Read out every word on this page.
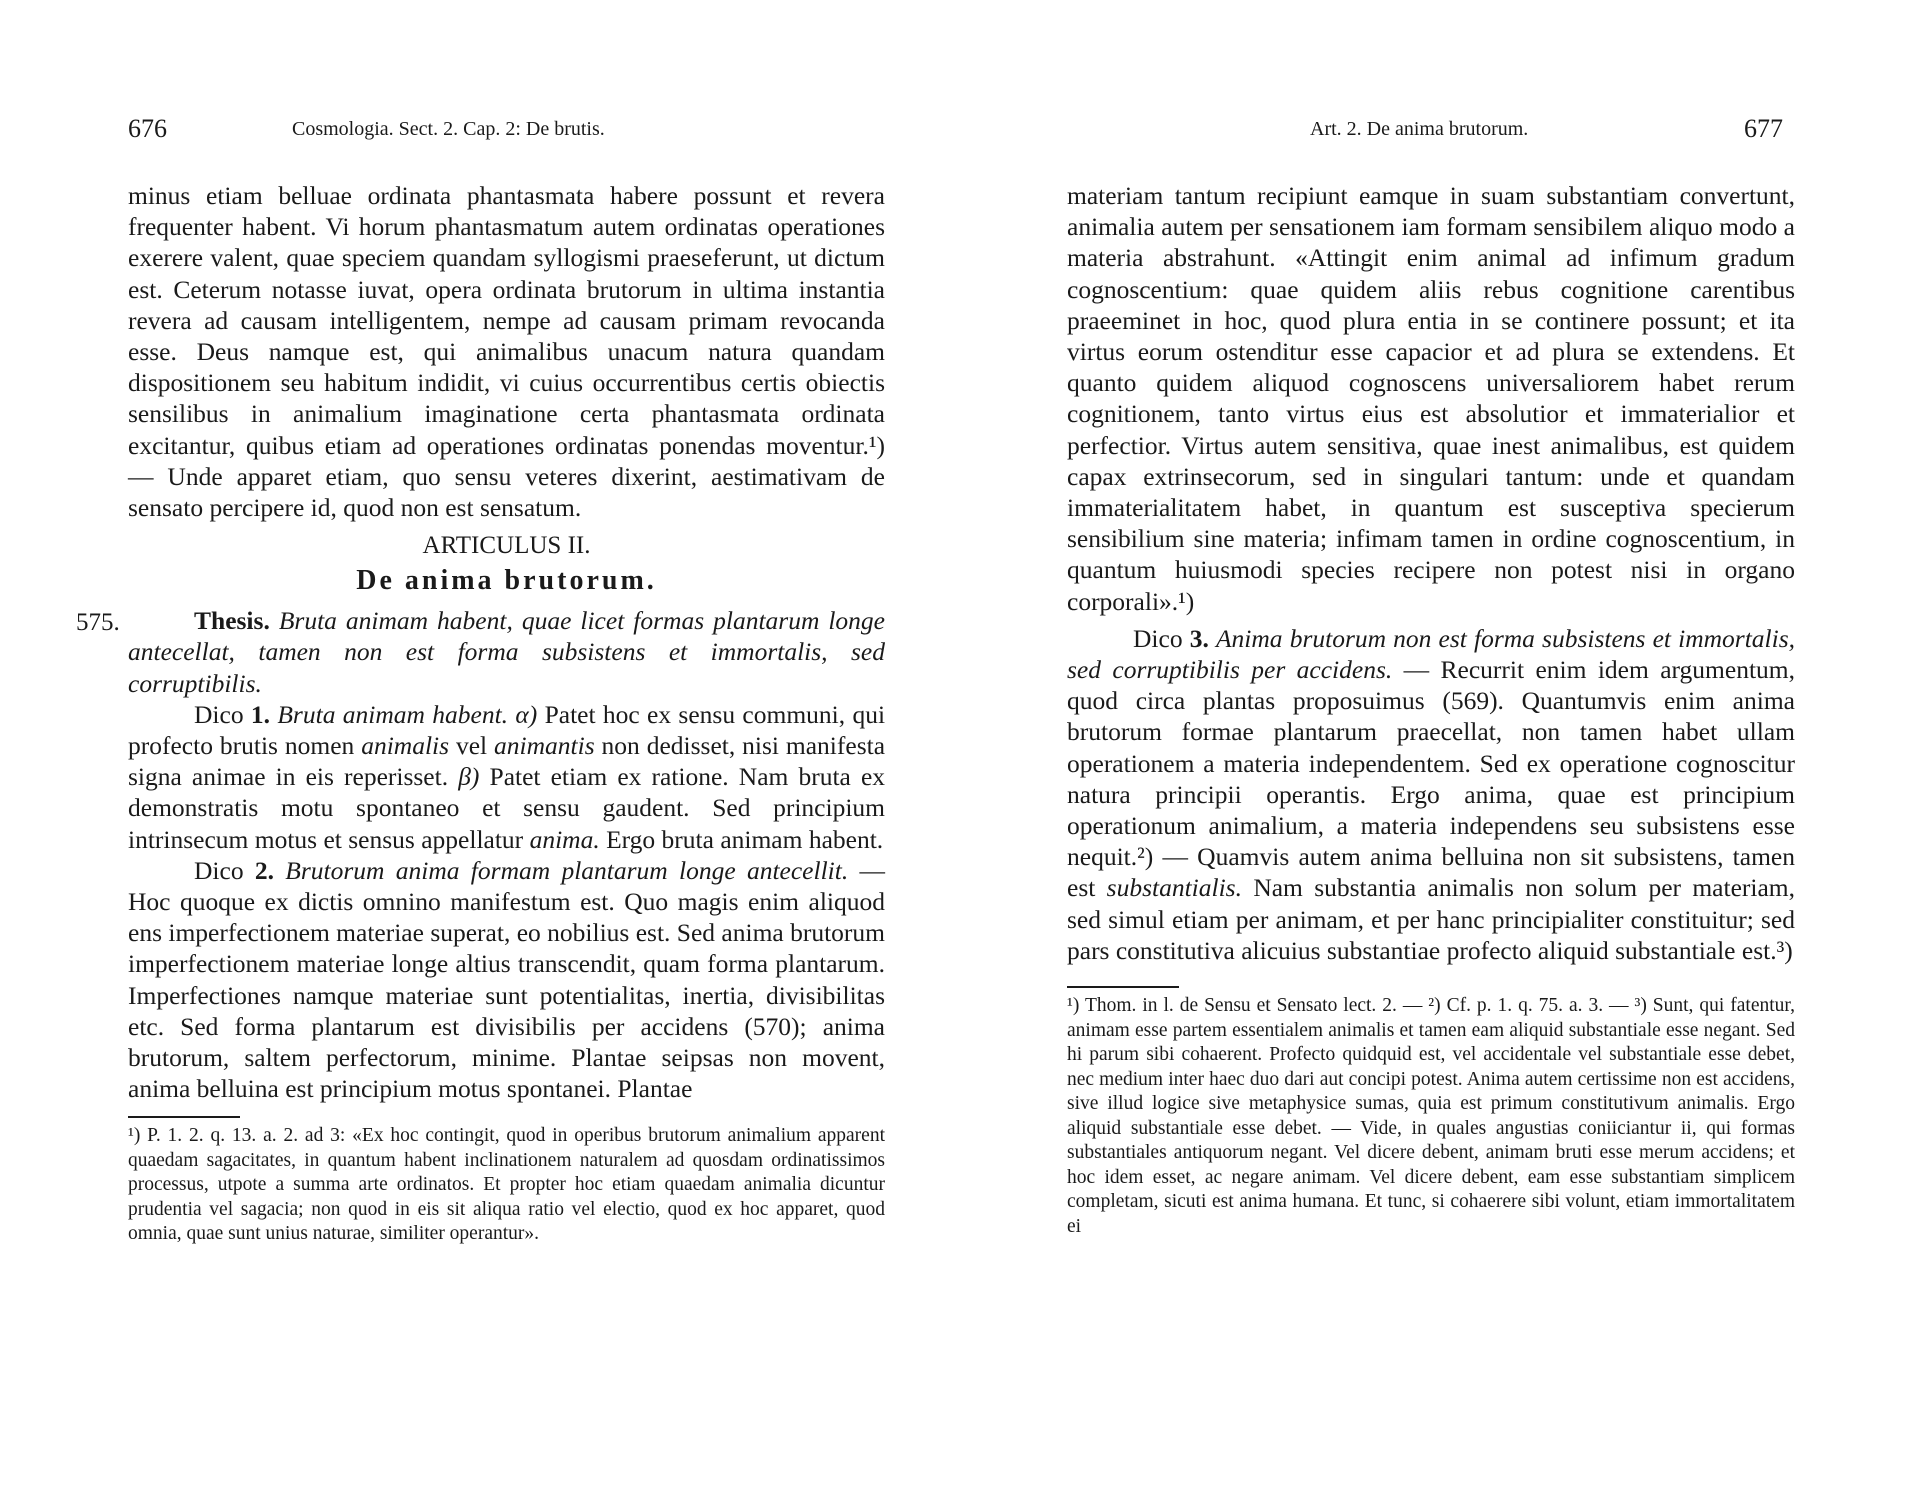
676	Cosmologia. Sect. 2. Cap. 2: De brutis.

minus etiam belluae ordinata phantasmata habere possunt et revera frequenter habent. Vi horum phantasmatum autem ordinatas operationes exerere valent, quae speciem quandam syllogismi praeseferunt, ut dictum est. Ceterum notasse iuvat, opera ordinata brutorum in ultima instantia revera ad causam intelligentem, nempe ad causam primam revocanda esse. Deus namque est, qui animalibus unacum natura quandam dispositionem seu habitum indidit, vi cuius occurrentibus certis obiectis sensilibus in animalium imaginatione certa phantasmata ordinata excitantur, quibus etiam ad operationes ordinatas ponendas moventur.¹) — Unde apparet etiam, quo sensu veteres dixerint, aestimativam de sensato percipere id, quod non est sensatum.

ARTICULUS II.
De anima brutorum.
575.	Thesis. Bruta animam habent, quae licet formas plantarum longe antecellat, tamen non est forma subsistens et immortalis, sed corruptibilis.

Dico 1. Bruta animam habent. α) Patet hoc ex sensu communi, qui profecto brutis nomen animalis vel animantis non dedisset, nisi manifesta signa animae in eis reperisset. β) Patet etiam ex ratione. Nam bruta ex demonstratis motu spontaneo et sensu gaudent. Sed principium intrinsecum motus et sensus appellatur anima. Ergo bruta animam habent.

Dico 2. Brutorum anima formam plantarum longe antecellit. — Hoc quoque ex dictis omnino manifestum est. Quo magis enim aliquod ens imperfectionem materiae superat, eo nobilius est. Sed anima brutorum imperfectionem materiae longe altius transcendit, quam forma plantarum. Imperfectiones namque materiae sunt potentialitas, inertia, divisibilitas etc. Sed forma plantarum est divisibilis per accidens (570); anima brutorum, saltem perfectorum, minime. Plantae seipsas non movent, anima belluina est principium motus spontanei. Plantae

¹) P. 1. 2. q. 13. a. 2. ad 3: «Ex hoc contingit, quod in operibus brutorum animalium apparent quaedam sagacitates, in quantum habent inclinationem naturalem ad quosdam ordinatissimos processus, utpote a summa arte ordinatos. Et propter hoc etiam quaedam animalia dicuntur prudentia vel sagacia; non quod in eis sit aliqua ratio vel electio, quod ex hoc apparet, quod omnia, quae sunt unius naturae, similiter operantur».

Art. 2. De anima brutorum.	677

materiam tantum recipiunt eamque in suam substantiam convertunt, animalia autem per sensationem iam formam sensibilem aliquo modo a materia abstrahunt. «Attingit enim animal ad infimum gradum cognoscentium: quae quidem aliis rebus cognitione carentibus praeeminet in hoc, quod plura entia in se continere possunt; et ita virtus eorum ostenditur esse capacior et ad plura se extendens. Et quanto quidem aliquod cognoscens universaliorem habet rerum cognitionem, tanto virtus eius est absolutior et immaterialior et perfectior. Virtus autem sensitiva, quae inest animalibus, est quidem capax extrinsecorum, sed in singulari tantum: unde et quandam immaterialitatem habet, in quantum est susceptiva specierum sensibilium sine materia; infimam tamen in ordine cognoscentium, in quantum huiusmodi species recipere non potest nisi in organo corporali».¹)

Dico 3. Anima brutorum non est forma subsistens et immortalis, sed corruptibilis per accidens. — Recurrit enim idem argumentum, quod circa plantas proposuimus (569). Quantumvis enim anima brutorum formae plantarum praecellat, non tamen habet ullam operationem a materia independentem. Sed ex operatione cognoscitur natura principii operantis. Ergo anima, quae est principium operationum animalium, a materia independens seu subsistens esse nequit.²) — Quamvis autem anima belluina non sit subsistens, tamen est substantialis. Nam substantia animalis non solum per materiam, sed simul etiam per animam, et per hanc principialiter constituitur; sed pars constitutiva alicuius substantiae profecto aliquid substantiale est.³)

¹) Thom. in l. de Sensu et Sensato lect. 2. — ²) Cf. p. 1. q. 75. a. 3. — ³) Sunt, qui fatentur, animam esse partem essentialem animalis et tamen eam aliquid substantiale esse negant. Sed hi parum sibi cohaerent. Profecto quidquid est, vel accidentale vel substantiale esse debet, nec medium inter haec duo dari aut concipi potest. Anima autem certissime non est accidens, sive illud logice sive metaphysice sumas, quia est primum constitutivum animalis. Ergo aliquid substantiale esse debet. — Vide, in quales angustias coniiciantur ii, qui formas substantiales antiquorum negant. Vel dicere debent, animam bruti esse merum accidens; et hoc idem esset, ac negare animam. Vel dicere debent, eam esse substantiam simplicem completam, sicuti est anima humana. Et tunc, si cohaerere sibi volunt, etiam immortalitatem ei
